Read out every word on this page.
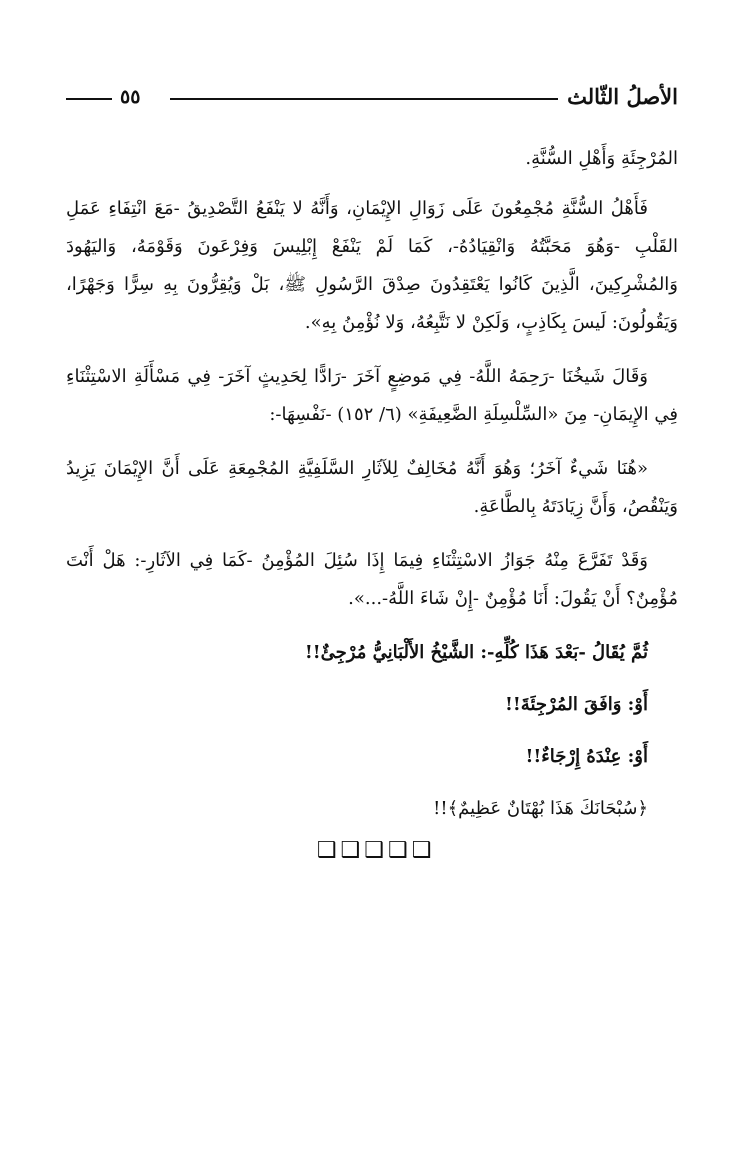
الأصلُ الثّالث
٥٥

المُرْجِئَةِ وَأَهْلِ السُّنَّةِ.

فَأَهْلُ السُّنَّةِ مُجْمِعُونَ عَلَى زَوَالِ الإِيْمَانِ، وَأَنَّهُ لا يَنْفَعُ التَّصْدِيقُ -مَعَ انْتِفَاءِ عَمَلِ القَلْبِ -وَهُوَ مَحَبَّتُهُ وَانْقِيَادُهُ-، كَمَا لَمْ يَنْفَعْ إِبْلِيسَ وَفِرْعَونَ وَقَوْمَهُ، وَاليَهُودَ وَالمُشْرِكِينَ، الَّذِينَ كَانُوا يَعْتَقِدُونَ صِدْقَ الرَّسُولِ ﷺ، بَلْ وَيُقِرُّونَ بِهِ سِرًّا وَجَهْرًا، وَيَقُولُونَ: لَيسَ بِكَاذِبٍ، وَلَكِنْ لا نَتَّبِعُهُ، وَلا نُؤْمِنُ بِهِ».

وَقَالَ شَيخُنَا -رَحِمَهُ اللَّهُ- فِي مَوضِعٍ آخَرَ -رَادًّا لِحَدِيثٍ آخَرَ- فِي مَسْأَلَةِ الاسْتِثْنَاءِ فِي الإِيمَانِ- مِنَ «السِّلْسِلَةِ الضَّعِيفَةِ» (٦/ ١٥٢) -نَفْسِهَا-:

«هُنَا شَيءٌ آخَرُ؛ وَهُوَ أَنَّهُ مُخَالِفٌ لِلآثَارِ السَّلَفِيَّةِ المُجْمِعَةِ عَلَى أَنَّ الإِيْمَانَ يَزِيدُ وَيَنْقُصُ، وَأَنَّ زِيَادَتَهُ بِالطَّاعَةِ.

وَقَدْ تَفَرَّعَ مِنْهُ جَوَازُ الاسْتِثْنَاءِ فِيمَا إِذَا سُئِلَ المُؤْمِنُ -كَمَا فِي الآثَارِ-: هَلْ أَنْتَ مُؤْمِنٌ؟ أَنْ يَقُولَ: أَنَا مُؤْمِنٌ -إِنْ شَاءَ اللَّهُ-...».

ثُمَّ يُقَالُ -بَعْدَ هَذَا كُلِّهِ-: الشَّيْخُ الأَلْبَانِيُّ مُرْجِئٌ!!

أَوْ: وَافَقَ المُرْجِئَةَ!!

أَوْ: عِنْدَهُ إِرْجَاءٌ!!

﴿سُبْحَانَكَ هَذَا بُهْتَانٌ عَظِيمٌ﴾!!

❑❑❑❑❑
